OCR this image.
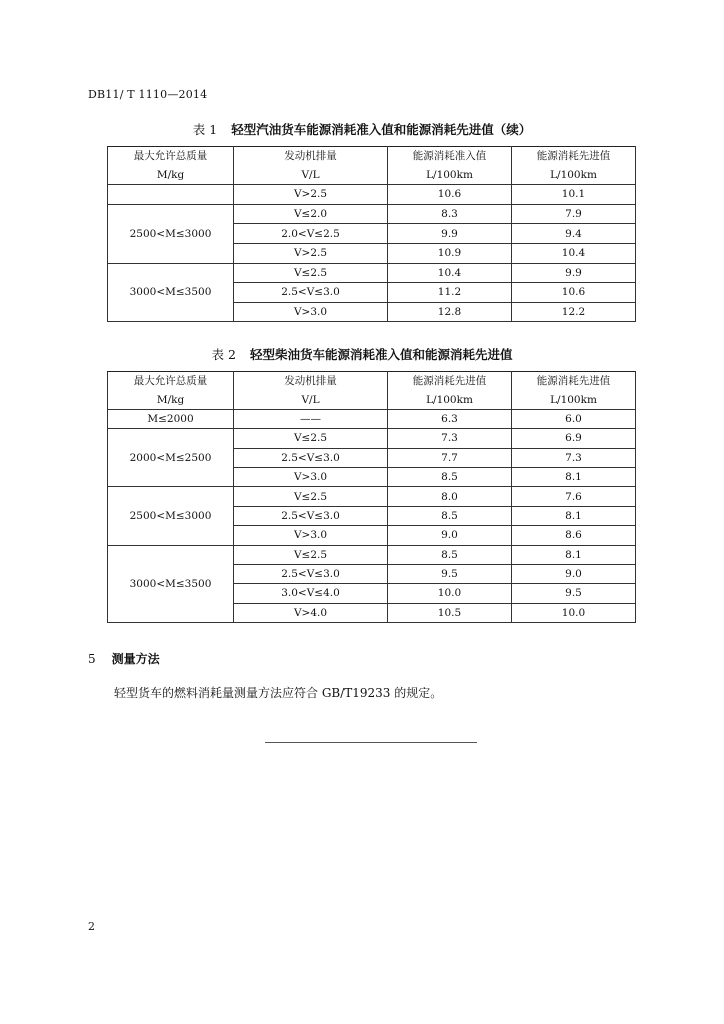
DB11/ T 1110—2014
表 1 轻型汽油货车能源消耗准入值和能源消耗先进值（续）
最大允许总质量	发动机排量	能源消耗准入值	能源消耗先进值
M/kg	V/L	L/100km	L/100km
	V>2.5	10.6	10.1
2500<M≤3000	V≤2.0	8.3	7.9
	2.0<V≤2.5	9.9	9.4
	V>2.5	10.9	10.4
3000<M≤3500	V≤2.5	10.4	9.9
	2.5<V≤3.0	11.2	10.6
	V>3.0	12.8	12.2
表 2 轻型柴油货车能源消耗准入值和能源消耗先进值
最大允许总质量	发动机排量	能源消耗先进值	能源消耗先进值
M/kg	V/L	L/100km	L/100km
M≤2000	——	6.3	6.0
2000<M≤2500	V≤2.5	7.3	6.9
	2.5<V≤3.0	7.7	7.3
	V>3.0	8.5	8.1
2500<M≤3000	V≤2.5	8.0	7.6
	2.5<V≤3.0	8.5	8.1
	V>3.0	9.0	8.6
3000<M≤3500	V≤2.5	8.5	8.1
	2.5<V≤3.0	9.5	9.0
	3.0<V≤4.0	10.0	9.5
	V>4.0	10.5	10.0
5 测量方法
轻型货车的燃料消耗量测量方法应符合 GB/T19233 的规定。
2
